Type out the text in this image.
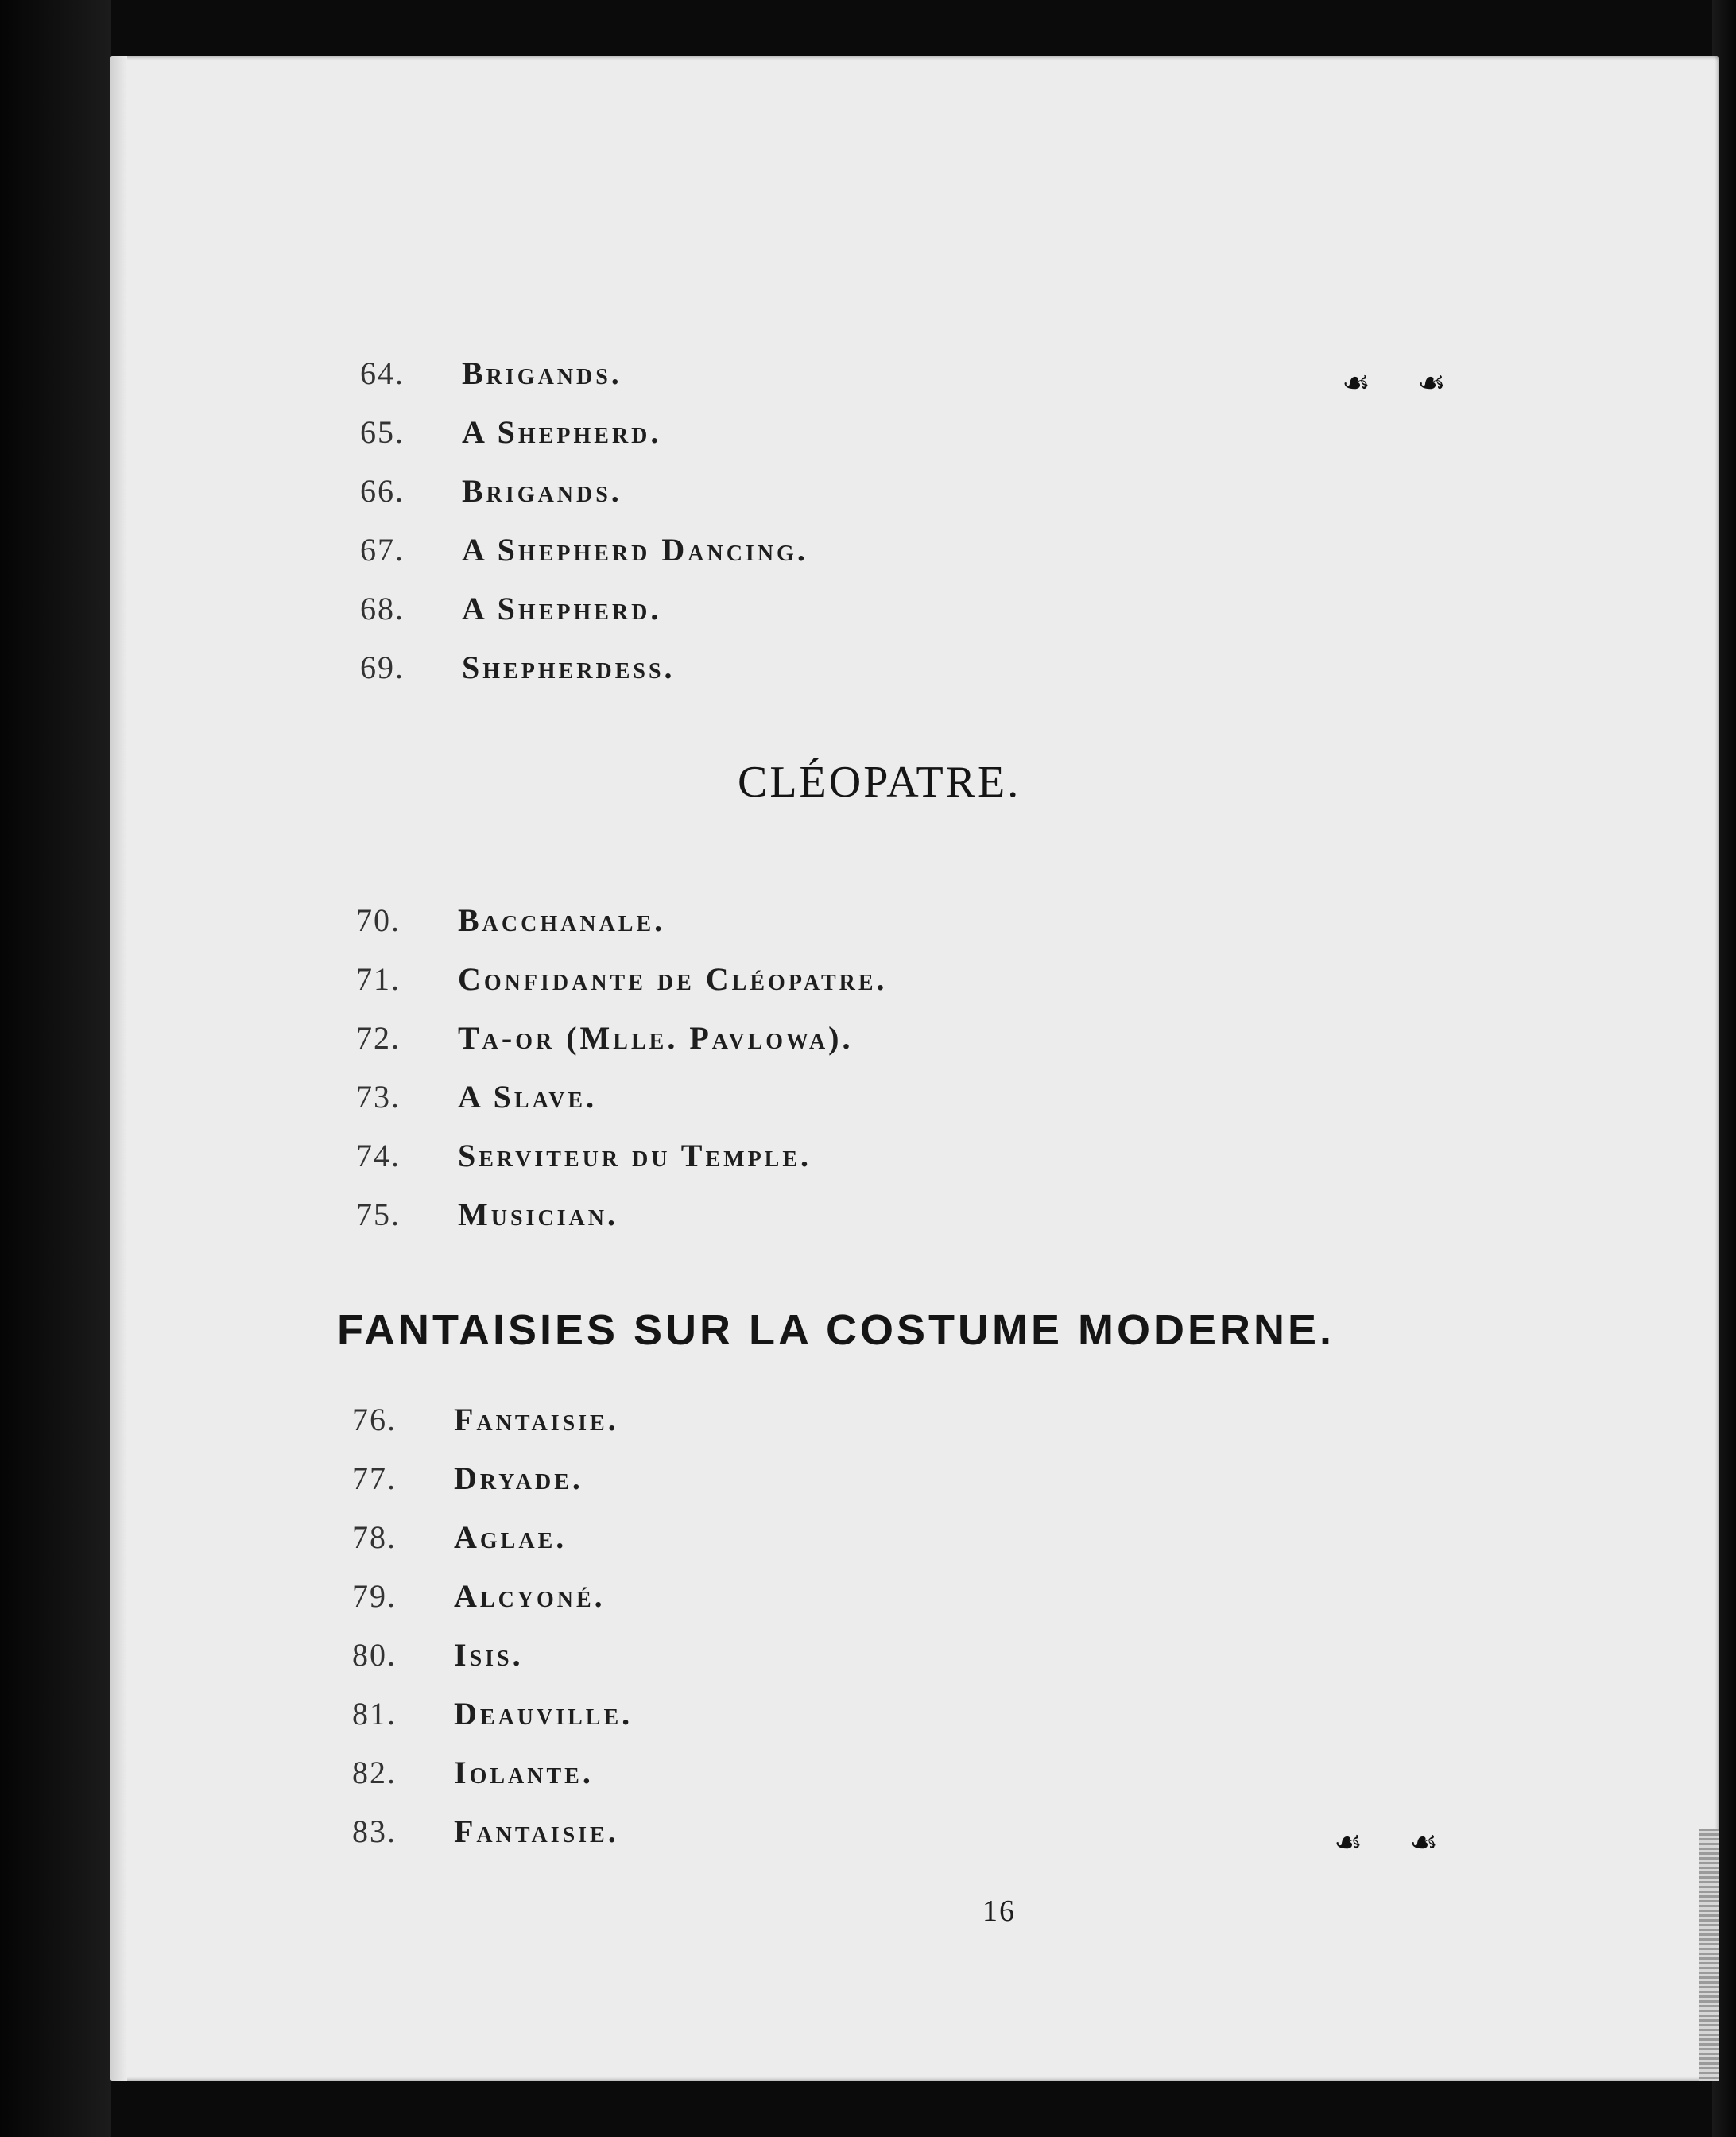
64. Brigands.
65. A Shepherd.
66. Brigands.
67. A Shepherd Dancing.
68. A Shepherd.
69. Shepherdess.
☙ ☙
CLÉOPATRE.
70. Bacchanale.
71. Confidante de Cléopatre.
72. Ta-or (Mlle. Pavlowa).
73. A Slave.
74. Serviteur du Temple.
75. Musician.
FANTAISIES SUR LA COSTUME MODERNE.
76. Fantaisie.
77. Dryade.
78. Aglae.
79. Alcyoné.
80. Isis.
81. Deauville.
82. Iolante.
83. Fantaisie.	☙ ☙
16
